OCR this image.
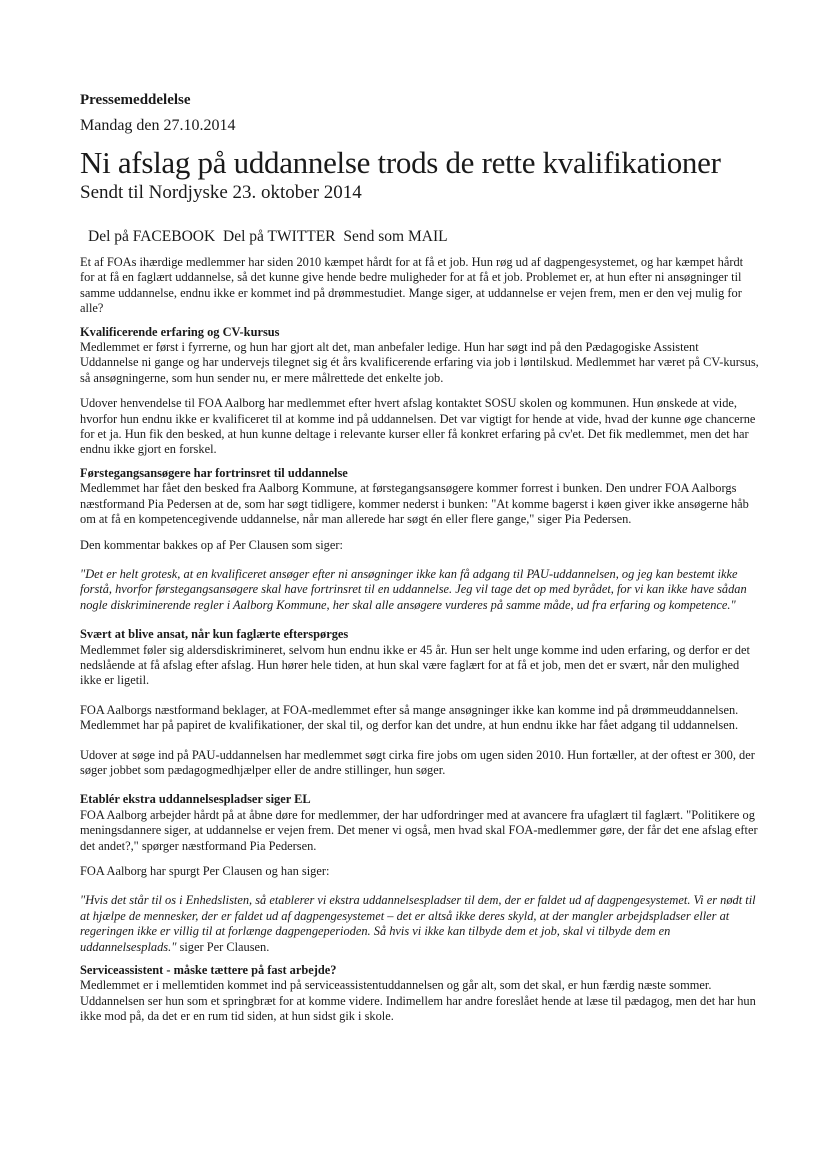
Pressemeddelelse

Mandag den 27.10.2014

Ni afslag på uddannelse trods de rette kvalifikationer

Sendt til Nordjyske 23. oktober 2014

Del på FACEBOOK Del på TWITTER Send som MAIL

Et af FOAs ihærdige medlemmer har siden 2010 kæmpet hårdt for at få et job. Hun røg ud af dagpengesystemet, og har kæmpet hårdt for at få en faglært uddannelse, så det kunne give hende bedre muligheder for at få et job. Problemet er, at hun efter ni ansøgninger til samme uddannelse, endnu ikke er kommet ind på drømmestudiet. Mange siger, at uddannelse er vejen frem, men er den vej mulig for alle?

Kvalificerende erfaring og CV-kursus

Medlemmet er først i fyrrerne, og hun har gjort alt det, man anbefaler ledige. Hun har søgt ind på den Pædagogiske Assistent Uddannelse ni gange og har undervejs tilegnet sig ét års kvalificerende erfaring via job i løntilskud. Medlemmet har været på CV-kursus, så ansøgningerne, som hun sender nu, er mere målrettede det enkelte job.

Udover henvendelse til FOA Aalborg har medlemmet efter hvert afslag kontaktet SOSU skolen og kommunen. Hun ønskede at vide, hvorfor hun endnu ikke er kvalificeret til at komme ind på uddannelsen. Det var vigtigt for hende at vide, hvad der kunne øge chancerne for et ja. Hun fik den besked, at hun kunne deltage i relevante kurser eller få konkret erfaring på cv'et. Det fik medlemmet, men det har endnu ikke gjort en forskel.

Førstegangsansøgere har fortrinsret til uddannelse

Medlemmet har fået den besked fra Aalborg Kommune, at førstegangsansøgere kommer forrest i bunken. Den undrer FOA Aalborgs næstformand Pia Pedersen at de, som har søgt tidligere, kommer nederst i bunken: "At komme bagerst i køen giver ikke ansøgerne håb om at få en kompetencegivende uddannelse, når man allerede har søgt én eller flere gange," siger Pia Pedersen.

Den kommentar bakkes op af Per Clausen som siger:

"Det er helt grotesk, at en kvalificeret ansøger efter ni ansøgninger ikke kan få adgang til PAU-uddannelsen, og jeg kan bestemt ikke forstå, hvorfor førstegangsansøgere skal have fortrinsret til en uddannelse. Jeg vil tage det op med byrådet, for vi kan ikke have sådan nogle diskriminerende regler i Aalborg Kommune, her skal alle ansøgere vurderes på samme måde, ud fra erfaring og kompetence."

Svært at blive ansat, når kun faglærte efterspørges

Medlemmet føler sig aldersdiskrimineret, selvom hun endnu ikke er 45 år. Hun ser helt unge komme ind uden erfaring, og derfor er det nedslående at få afslag efter afslag. Hun hører hele tiden, at hun skal være faglært for at få et job, men det er svært, når den mulighed ikke er ligetil.

FOA Aalborgs næstformand beklager, at FOA-medlemmet efter så mange ansøgninger ikke kan komme ind på drømmeuddannelsen. Medlemmet har på papiret de kvalifikationer, der skal til, og derfor kan det undre, at hun endnu ikke har fået adgang til uddannelsen.

Udover at søge ind på PAU-uddannelsen har medlemmet søgt cirka fire jobs om ugen siden 2010. Hun fortæller, at der oftest er 300, der søger jobbet som pædagogmedhjælper eller de andre stillinger, hun søger.

Etablér ekstra uddannelsespladser siger EL

FOA Aalborg arbejder hårdt på at åbne døre for medlemmer, der har udfordringer med at avancere fra ufaglært til faglært. "Politikere og meningsdannere siger, at uddannelse er vejen frem. Det mener vi også, men hvad skal FOA-medlemmer gøre, der får det ene afslag efter det andet?," spørger næstformand Pia Pedersen.

FOA Aalborg har spurgt Per Clausen og han siger:

"Hvis det står til os i Enhedslisten, så etablerer vi ekstra uddannelsespladser til dem, der er faldet ud af dagpengesystemet. Vi er nødt til at hjælpe de mennesker, der er faldet ud af dagpengesystemet – det er altså ikke deres skyld, at der mangler arbejdspladser eller at regeringen ikke er villig til at forlænge dagpengeperioden. Så hvis vi ikke kan tilbyde dem et job, skal vi tilbyde dem en uddannelsesplads." siger Per Clausen.

Serviceassistent - måske tættere på fast arbejde?

Medlemmet er i mellemtiden kommet ind på serviceassistentuddannelsen og går alt, som det skal, er hun færdig næste sommer. Uddannelsen ser hun som et springbræt for at komme videre. Indimellem har andre foreslået hende at læse til pædagog, men det har hun ikke mod på, da det er en rum tid siden, at hun sidst gik i skole.
